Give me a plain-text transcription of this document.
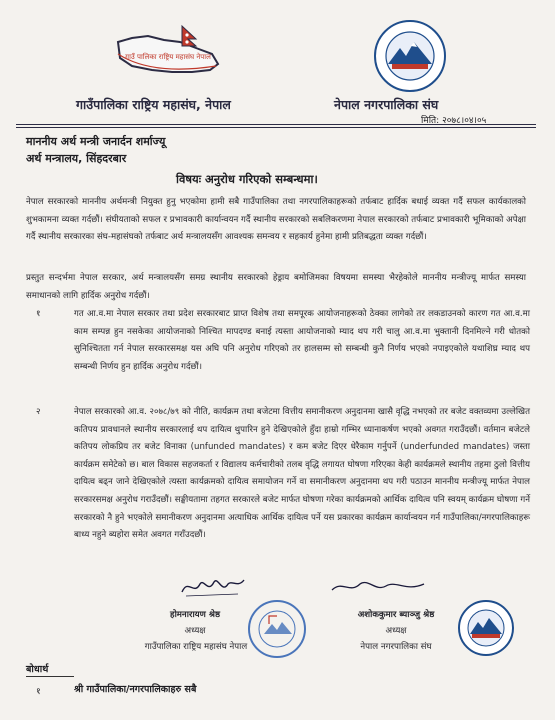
गाउँ पालिका राष्ट्रिय महासंघ नेपाल
गाउँपालिका राष्ट्रिय महासंघ, नेपाल	नेपाल नगरपालिका संघ
मिति: २०७८।०४।०५
माननीय अर्थ मन्त्री जनार्दन शर्माज्यू
अर्थ मन्त्रालय, सिंहदरबार
विषयः अनुरोध गरिएको सम्बन्धमा।
नेपाल सरकारको माननीय अर्थमन्त्री नियुक्त हुनु भएकोमा हामी सबै गाउँपालिका तथा नगरपालिकाहरूको तर्फबाट हार्दिक बधाई व्यक्त गर्दै सफल कार्यकालको शुभकामना व्यक्त गर्दछौं। संघीयताको सफल र प्रभावकारी कार्यान्वयन गर्दै स्थानीय सरकारको सबलिकरणमा नेपाल सरकारको तर्फबाट प्रभावकारी भूमिकाको अपेक्षा गर्दै स्थानीय सरकारका संघ-महासंघको तर्फबाट अर्थ मन्त्रालयसँग आवश्यक समन्वय र सहकार्य हुनेमा हामी प्रतिबद्धता व्यक्त गर्दछौं।
प्रस्तुत सन्दर्भमा नेपाल सरकार, अर्थ मन्त्रालयसँग समग्र स्थानीय सरकारको हेड्राय बमोजिमका विषयमा समस्या भैरहेकोले माननीय मन्त्रीज्यू मार्फत समस्या समाधानको लागि हार्दिक अनुरोध गर्दछौं।
१	गत आ.व.मा नेपाल सरकार तथा प्रदेश सरकारबाट प्राप्त विशेष तथा समपूरक आयोजनाहरूको ठेक्का लागेको तर लकडाउनको कारण गत आ.व.मा काम सम्पन्न हुन नसकेका आयोजनाको निश्चित मापदण्ड बनाई त्यस्ता आयोजनाको म्याद थप गरी चालु आ.व.मा भुक्तानी दिनमिल्ने गरी धोतको सुनिश्चितता गर्न नेपाल सरकारसमक्ष यस अघि पनि अनुरोध गरिएको तर हालसम्म सो सम्बन्धी कुनै निर्णय भएको नपाइएकोले यथाशिघ्र म्याद थप सम्बन्धी निर्णय हुन हार्दिक अनुरोध गर्दछौं।
२	नेपाल सरकारको आ.व. २०७८/७९ को नीति, कार्यक्रम तथा बजेटमा वित्तीय समानीकरण अनुदानमा खासै वृद्धि नभएको तर बजेट वक्तव्यमा उल्लेखित कतिपय प्रावधानले स्थानीय सरकारलाई थप दायित्व थुपारिन हुने देखिएकोले हुँदा हाम्रो गम्भिर ध्यानाकर्षण भएको अवगत गराउँदछौं। वर्तमान बजेटले कतिपय लोकप्रिय तर बजेट विनाका (unfunded mandates) र कम बजेट दिएर धेरैकाम गर्नुपर्ने (underfunded mandates) जस्ता कार्यक्रम समेटेको छ। बाल विकास सहजकर्ता र विद्यालय कर्मचारीको तलब वृद्धि लगायत घोषणा गरिएका केही कार्यक्रमले स्थानीय तहमा ठुलो वित्तीय दायित्व बढ्न जाने देखिएकोले त्यस्ता कार्यक्रमको दायित्व समायोजन गर्ने वा समानीकरण अनुदानमा थप गरी पठाउन माननीय मन्त्रीज्यू मार्फत नेपाल सरकारसमक्ष अनुरोध गराउँदछौं। सङ्घीयतामा तहगत सरकारले बजेट मार्फत घोषणा गरेका कार्यक्रमको आर्थिक दायित्व पनि स्वयम् कार्यक्रम घोषणा गर्ने सरकारको नै हुने भएकोले समानीकरण अनुदानमा अत्याधिक आर्थिक दायित्व पर्ने यस प्रकारका कार्यक्रम कार्यान्वयन गर्न गाउँपालिका/नगरपालिकाहरू बाध्य नहुने ब्यहोरा समेत अवगत गराँउदछौं।
होमनारायण श्रेष्ठ
अध्यक्ष
गाउँपालिका राष्ट्रिय महासंघ नेपाल
अशोककुमार ब्याञ्जु श्रेष्ठ
अध्यक्ष
नेपाल नगरपालिका संघ
बोधार्थ
१	श्री गाउँपालिका/नगरपालिकाहरु सबै
